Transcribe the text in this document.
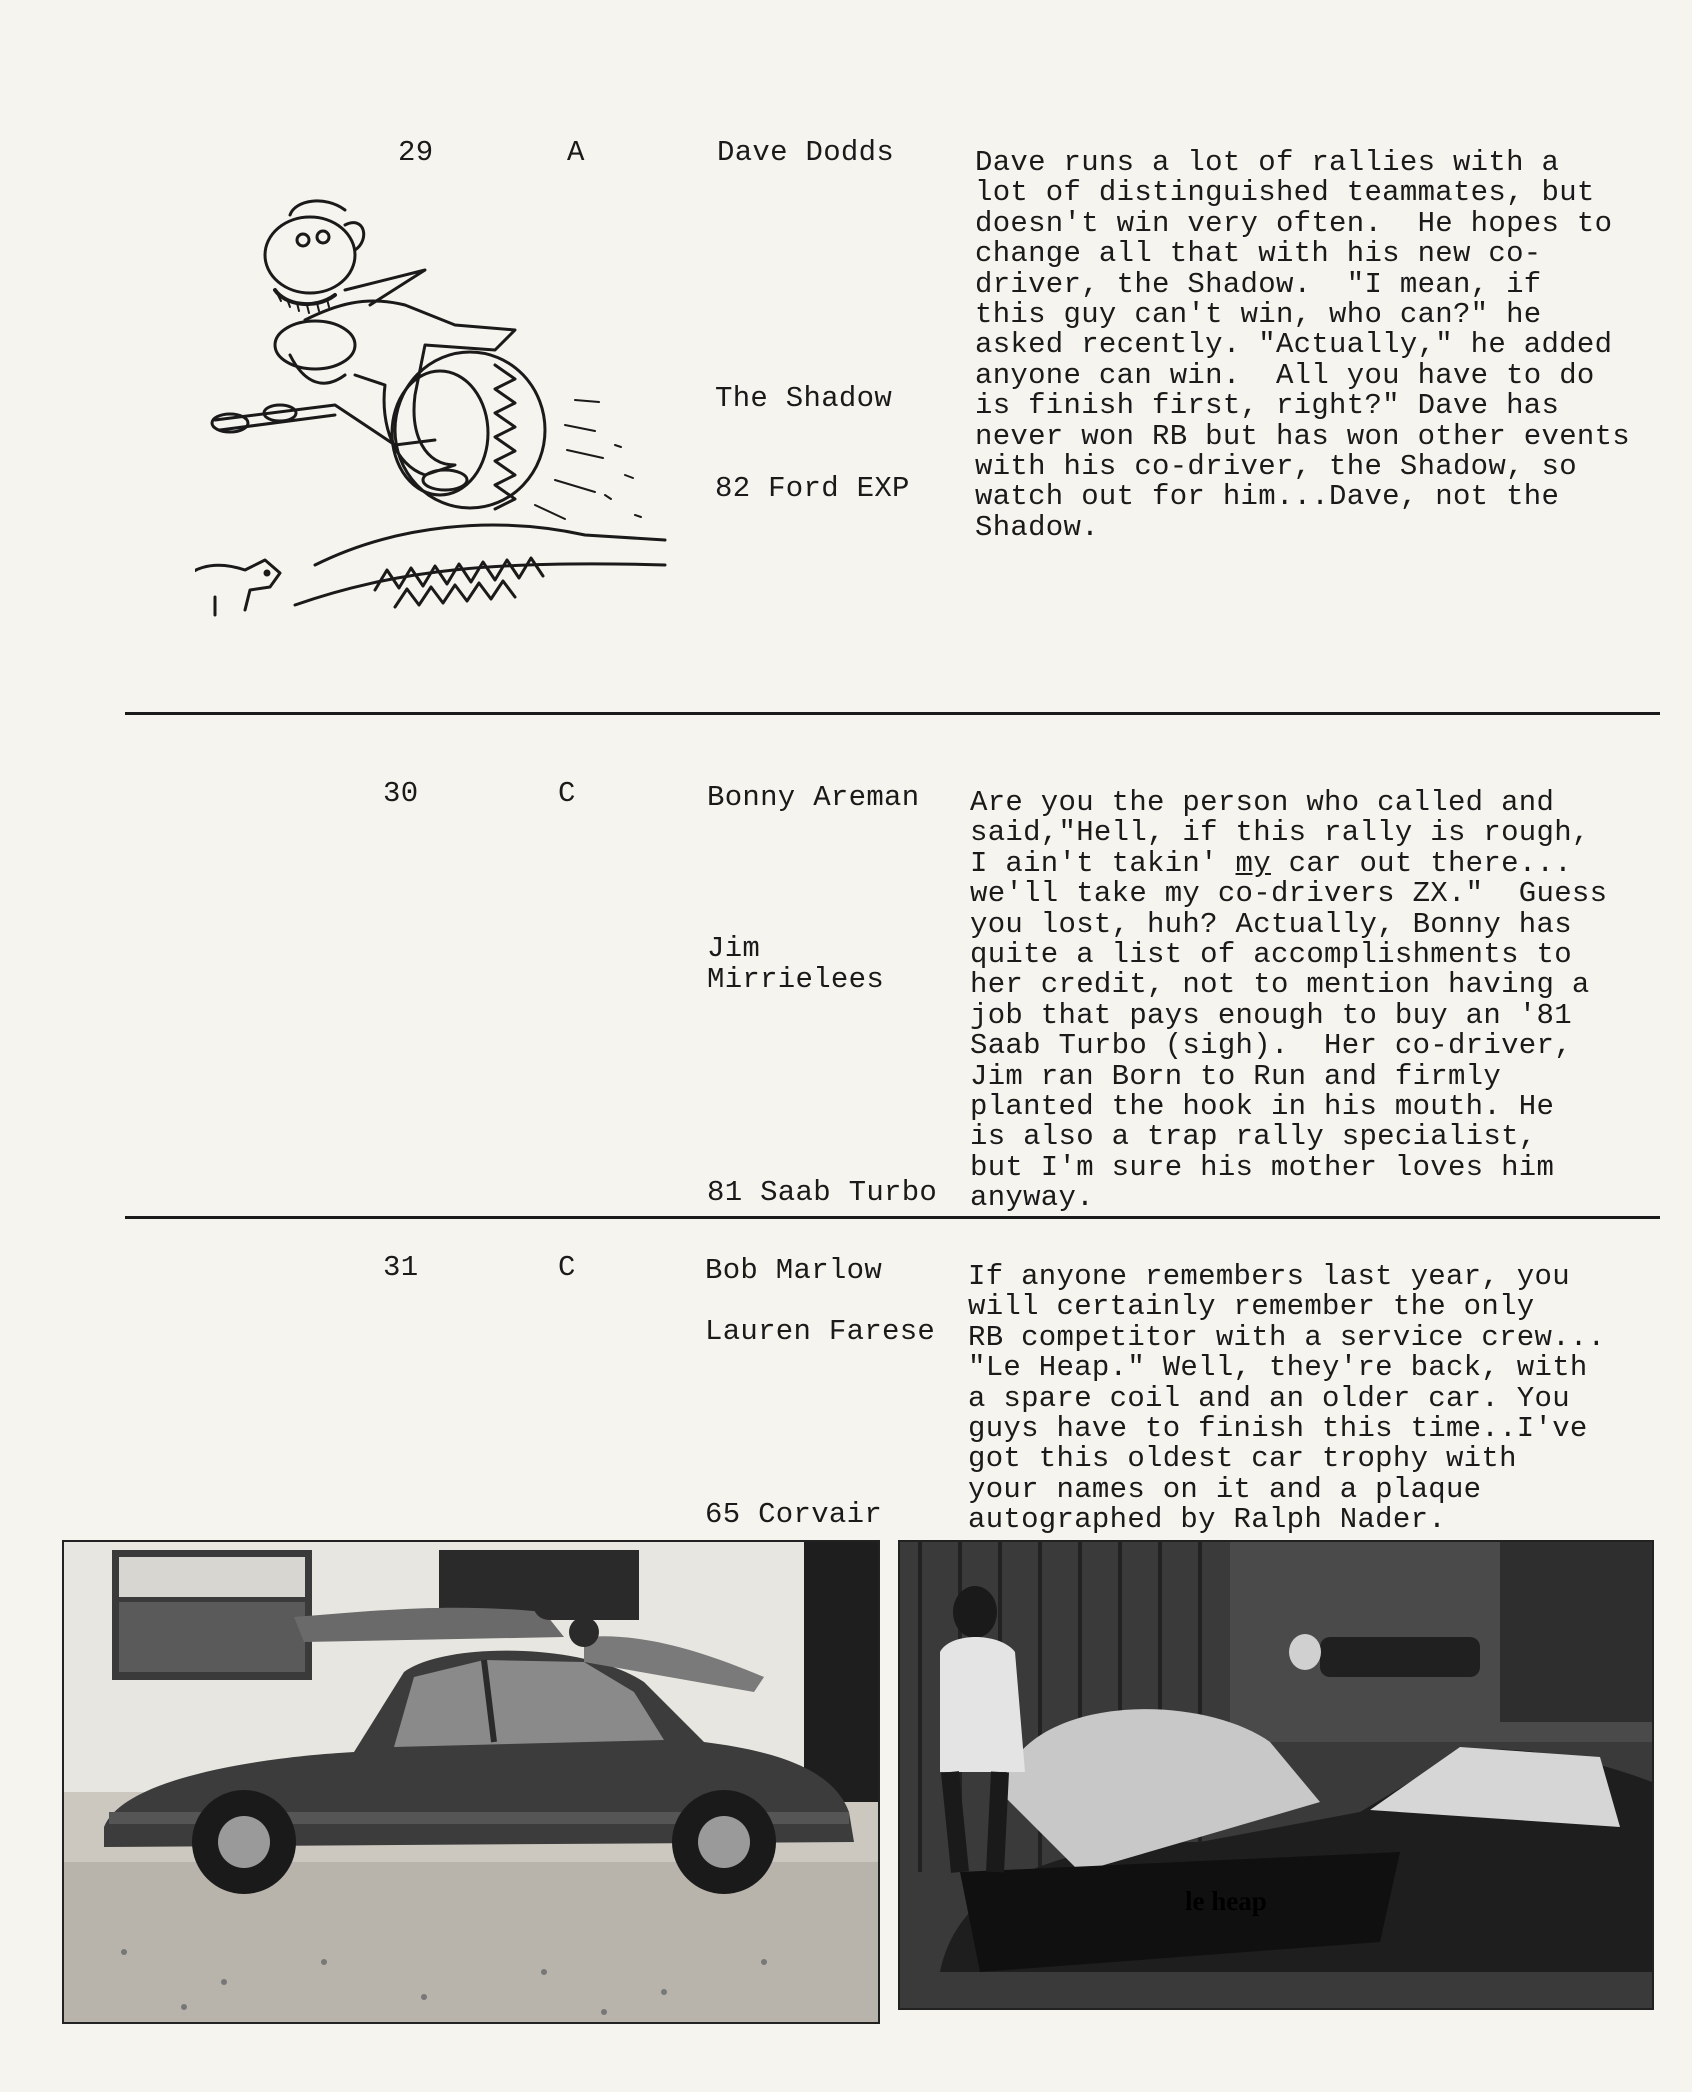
29	A	Dave Dodds
The Shadow
82 Ford EXP
Dave runs a lot of rallies with a
lot of distinguished teammates, but
doesn't win very often.  He hopes to
change all that with his new co-
driver, the Shadow.  "I mean, if
this guy can't win, who can?" he
asked recently. "Actually," he added
anyone can win.  All you have to do
is finish first, right?" Dave has
never won RB but has won other events
with his co-driver, the Shadow, so
watch out for him...Dave, not the
Shadow.
30	C	Bonny Areman
Jim
Mirrielees
81 Saab Turbo
Are you the person who called and
said,"Hell, if this rally is rough,
I ain't takin' my car out there...
we'll take my co-drivers ZX."  Guess
you lost, huh? Actually, Bonny has
quite a list of accomplishments to
her credit, not to mention having a
job that pays enough to buy an '81
Saab Turbo (sigh).  Her co-driver,
Jim ran Born to Run and firmly
planted the hook in his mouth. He
is also a trap rally specialist,
but I'm sure his mother loves him
anyway.
31	C	Bob Marlow
Lauren Farese
65 Corvair
If anyone remembers last year, you
will certainly remember the only
RB competitor with a service crew...
"Le Heap." Well, they're back, with
a spare coil and an older car. You
guys have to finish this time..I've
got this oldest car trophy with
your names on it and a plaque
autographed by Ralph Nader.
le heap
